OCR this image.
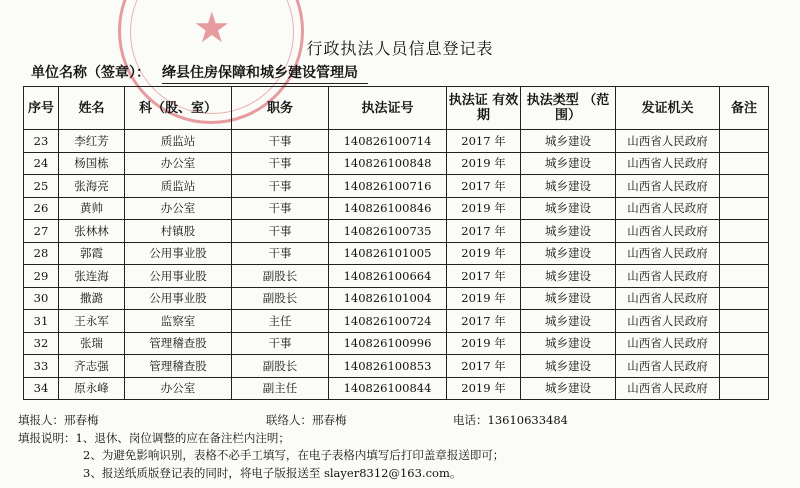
★	行政执法人员信息登记表
单位名称（签章）： 绛县住房保障和城乡建设管理局
序号	姓名	科（股、室）	职务	执法证号	执法证 有效期	执法类型 （范围）	发证机关	备注
23	李红芳	质监站	干事	140826100714	2017 年	城乡建设	山西省人民政府	
24	杨国栋	办公室	干事	140826100848	2019 年	城乡建设	山西省人民政府	
25	张海亮	质监站	干事	140826100716	2017 年	城乡建设	山西省人民政府	
26	黄帅	办公室	干事	140826100846	2019 年	城乡建设	山西省人民政府	
27	张林林	村镇股	干事	140826100735	2017 年	城乡建设	山西省人民政府	
28	郭霞	公用事业股	干事	140826101005	2019 年	城乡建设	山西省人民政府	
29	张连海	公用事业股	副股长	140826100664	2017 年	城乡建设	山西省人民政府	
30	撒潞	公用事业股	副股长	140826101004	2019 年	城乡建设	山西省人民政府	
31	王永军	监察室	主任	140826100724	2017 年	城乡建设	山西省人民政府	
32	张瑞	管理稽查股	干事	140826100996	2019 年	城乡建设	山西省人民政府	
33	齐志强	管理稽查股	副股长	140826100853	2017 年	城乡建设	山西省人民政府	
34	原永峰	办公室	副主任	140826100844	2019 年	城乡建设	山西省人民政府	
填报人：邢春梅	联络人：邢春梅	电话：13610633484
填报说明：1、退休、岗位调整的应在备注栏内注明；
2、为避免影响识别，表格不必手工填写，在电子表格内填写后打印盖章报送即可；
3、报送纸质版登记表的同时，将电子版报送至 slayer8312@163.com。
